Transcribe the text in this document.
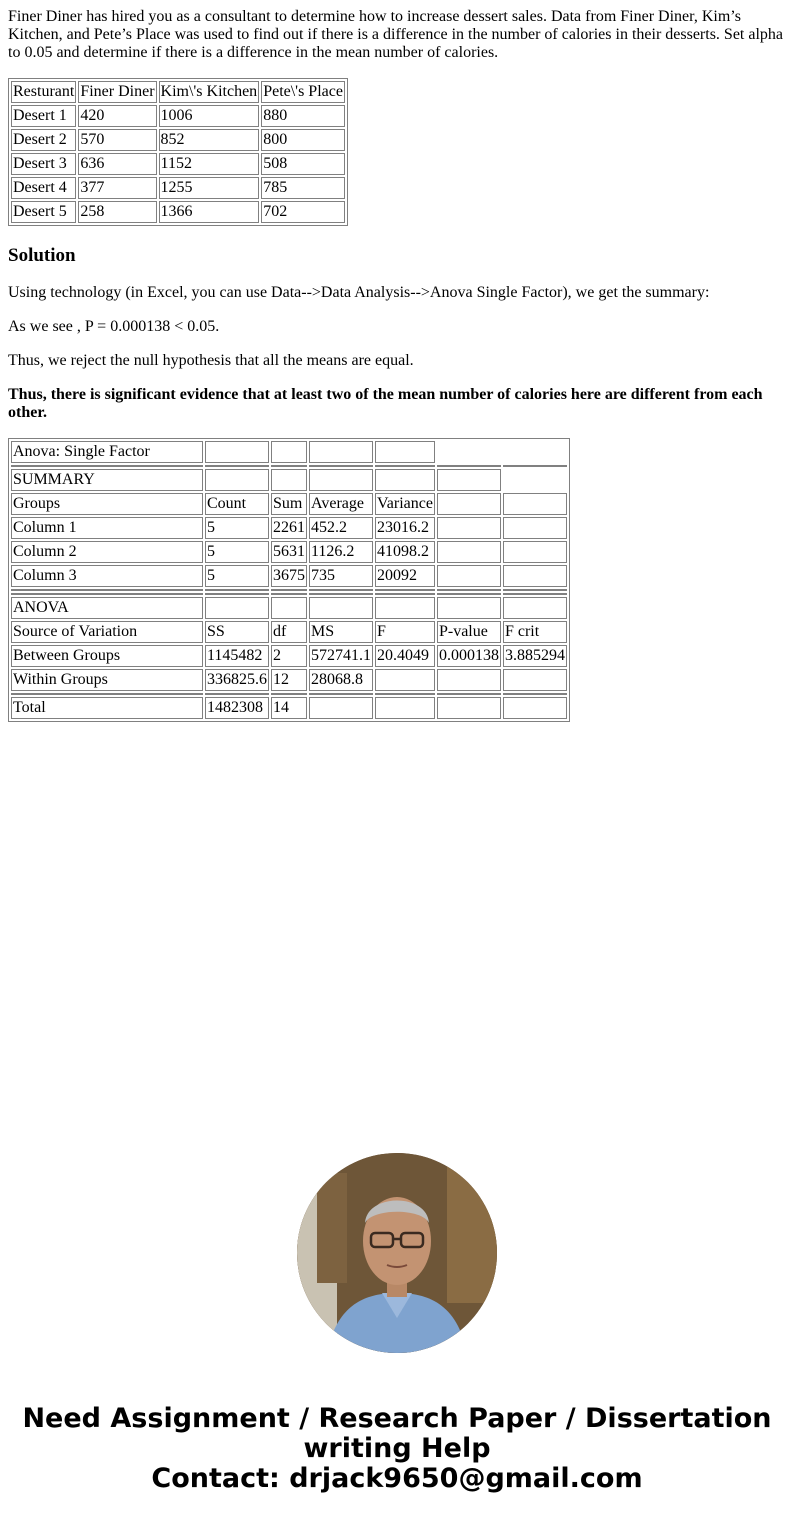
Finer Diner has hired you as a consultant to determine how to increase dessert sales. Data from Finer Diner, Kim’s Kitchen, and Pete’s Place was used to find out if there is a difference in the number of calories in their desserts. Set alpha to 0.05 and determine if there is a difference in the mean number of calories.

Resturant	Finer Diner	Kim\'s Kitchen	Pete\'s Place
Desert 1	420	1006	880
Desert 2	570	852	800
Desert 3	636	1152	508
Desert 4	377	1255	785
Desert 5	258	1366	702
Solution

Using technology (in Excel, you can use Data-->Data Analysis-->Anova Single Factor), we get the summary:

As we see , P = 0.000138 < 0.05.

Thus, we reject the null hypothesis that all the means are equal.

Thus, there is significant evidence that at least two of the mean number of calories here are different from each other.

Anova: Single Factor						

SUMMARY						
Groups	Count	Sum	Average	Variance		
Column 1	5	2261	452.2	23016.2		
Column 2	5	5631	1126.2	41098.2		
Column 3	5	3675	735	20092		

ANOVA						
Source of Variation	SS	df	MS	F	P-value	F crit
Between Groups	1145482	2	572741.1	20.4049	0.000138	3.885294
Within Groups	336825.6	12	28068.8			

Total	1482308	14				
Need Assignment / Research Paper / Dissertation
writing Help
Contact: drjack9650@gmail.com
